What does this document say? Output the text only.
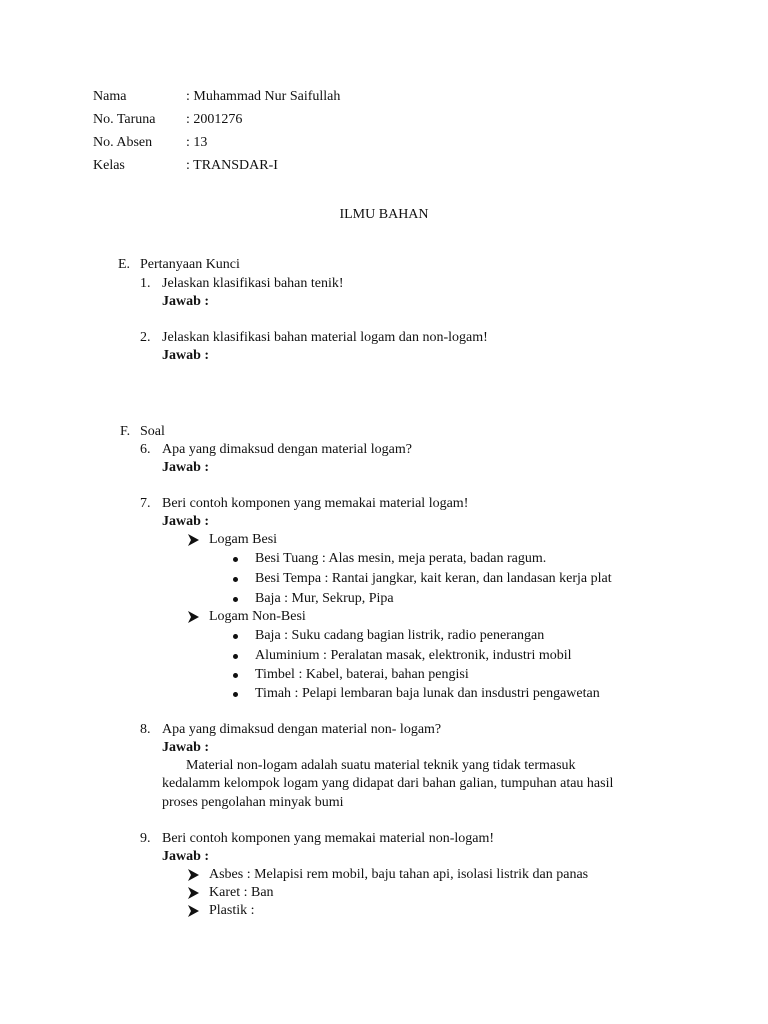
Nama	: Muhammad Nur Saifullah
No. Taruna : 2001276
No. Absen : 13
Kelas	: TRANSDAR-I
ILMU BAHAN
E. Pertanyaan Kunci
1. Jelaskan klasifikasi bahan tenik!
Jawab :
2. Jelaskan klasifikasi bahan material logam dan non-logam!
Jawab :
F. Soal
6. Apa yang dimaksud dengan material logam?
Jawab :
7. Beri contoh komponen yang memakai material logam!
Jawab :
Logam Besi
Besi Tuang : Alas mesin, meja perata, badan ragum.
Besi Tempa : Rantai jangkar, kait keran, dan landasan kerja plat
Baja : Mur, Sekrup, Pipa
Logam Non-Besi
Baja : Suku cadang bagian listrik, radio penerangan
Aluminium : Peralatan masak, elektronik, industri mobil
Timbel : Kabel, baterai, bahan pengisi
Timah : Pelapi lembaran baja lunak dan insdustri pengawetan
8. Apa yang dimaksud dengan material non- logam?
Jawab :
Material non-logam adalah suatu material teknik yang tidak termasuk
kedalamm kelompok logam yang didapat dari bahan galian, tumpuhan atau hasil
proses pengolahan minyak bumi
9. Beri contoh komponen yang memakai material non-logam!
Jawab :
Asbes : Melapisi rem mobil, baju tahan api, isolasi listrik dan panas
Karet : Ban
Plastik :
